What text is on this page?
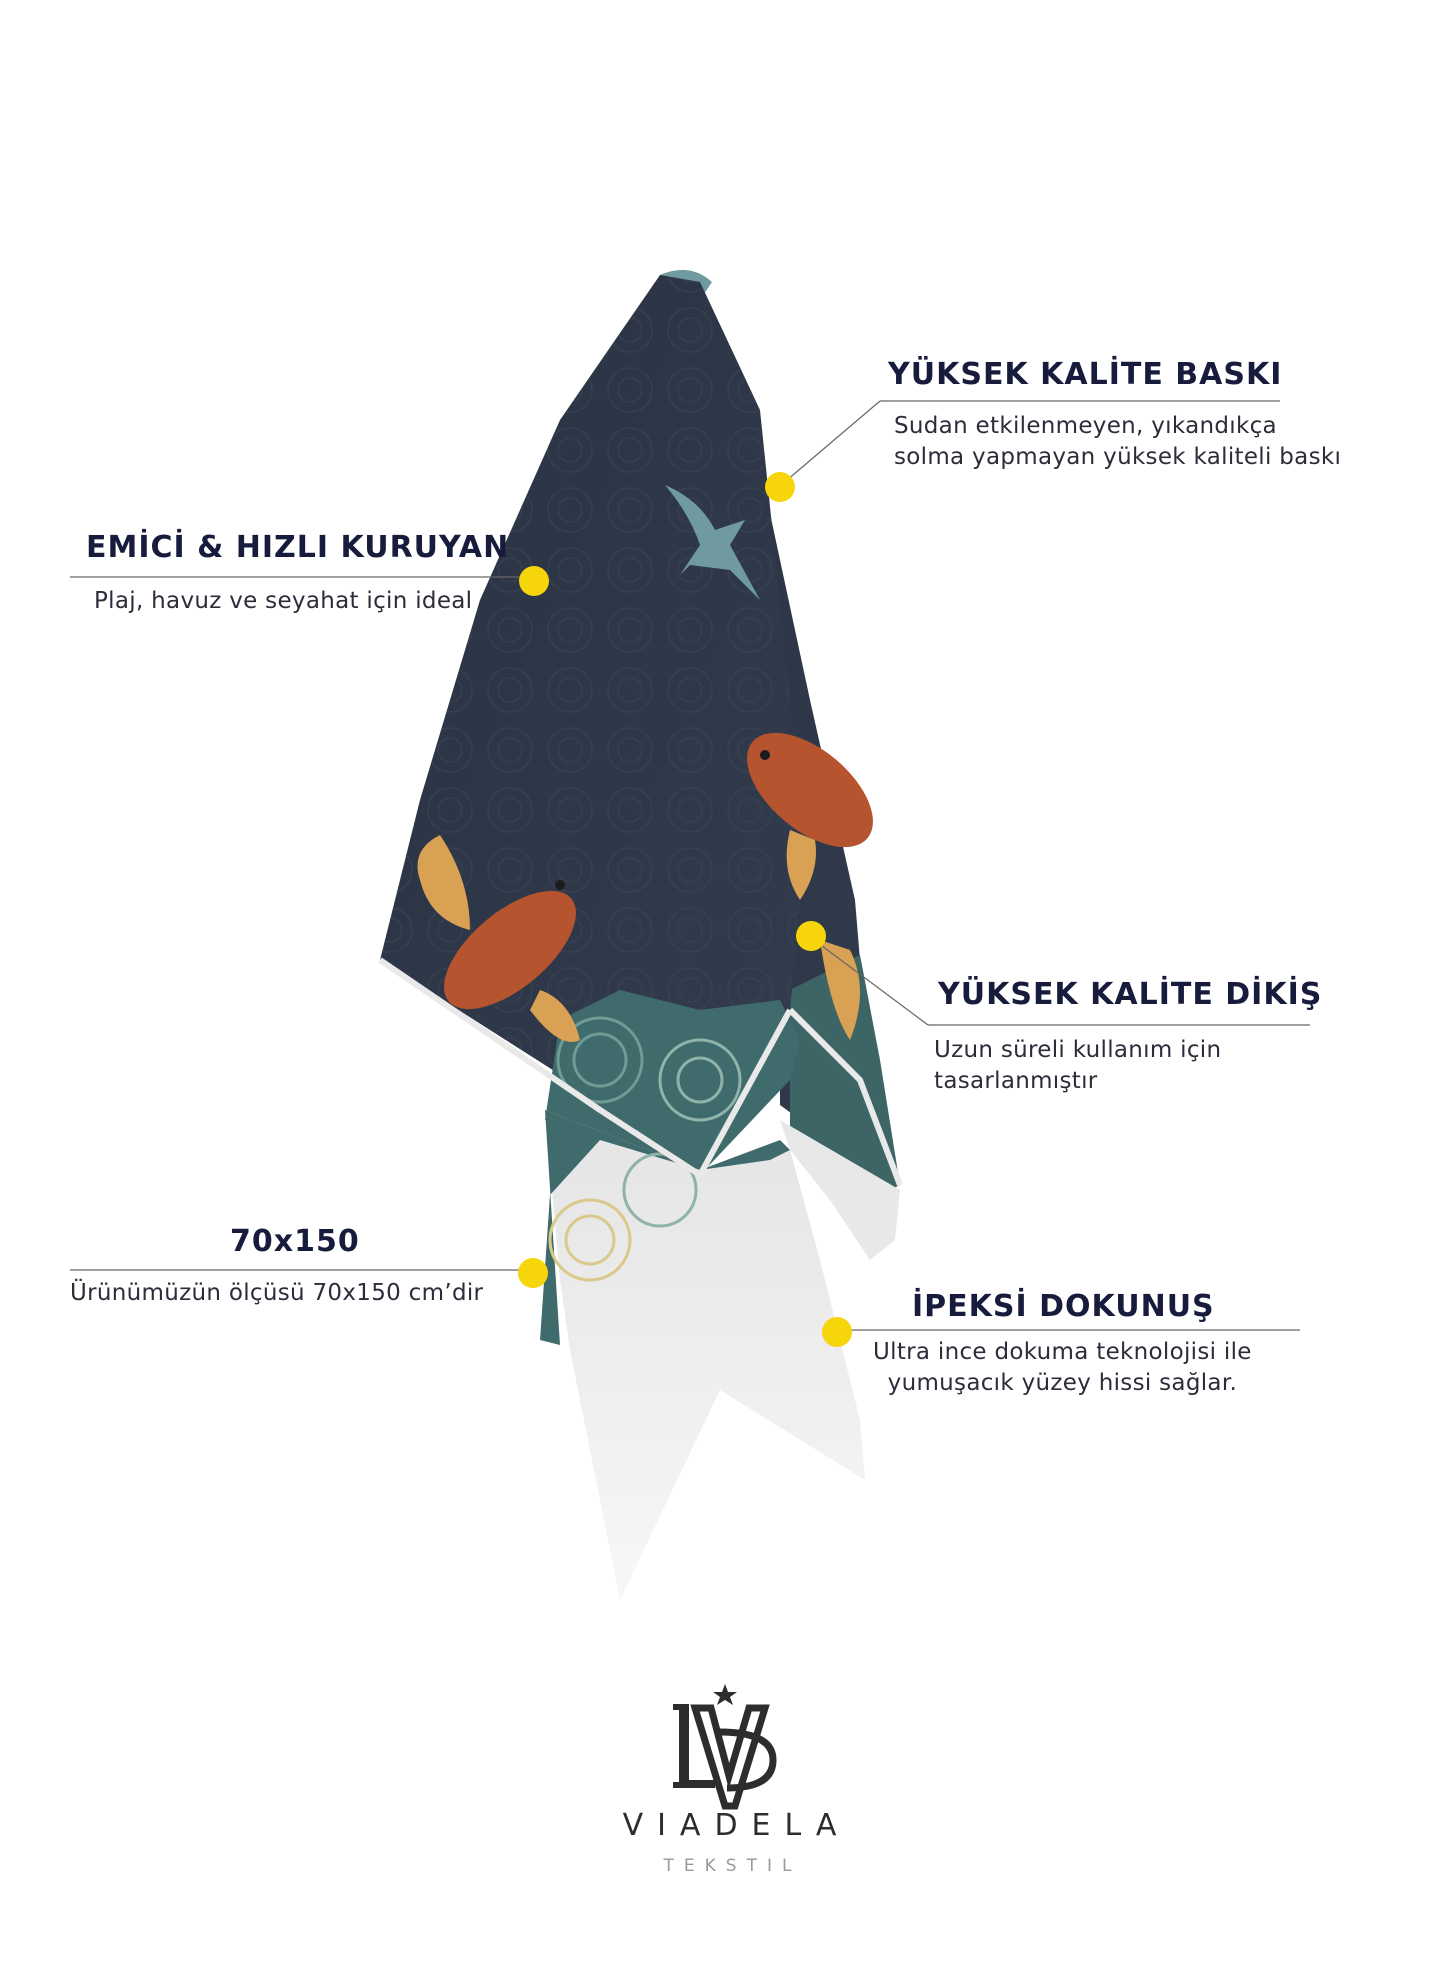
EMİCİ & HIZLI KURUYAN
Plaj, havuz ve seyahat için ideal
YÜKSEK KALİTE BASKI
Sudan etkilenmeyen, yıkandıkça
solma yapmayan yüksek kaliteli baskı
YÜKSEK KALİTE DİKİŞ
Uzun süreli kullanım için
tasarlanmıştır
70x150
Ürünümüzün ölçüsü 70x150 cm’dir	İPEKSİ DOKUNUŞ
Ultra ince dokuma teknolojisi ile
yumuşacık yüzey hissi sağlar.
VIADELA
TEKSTIL
